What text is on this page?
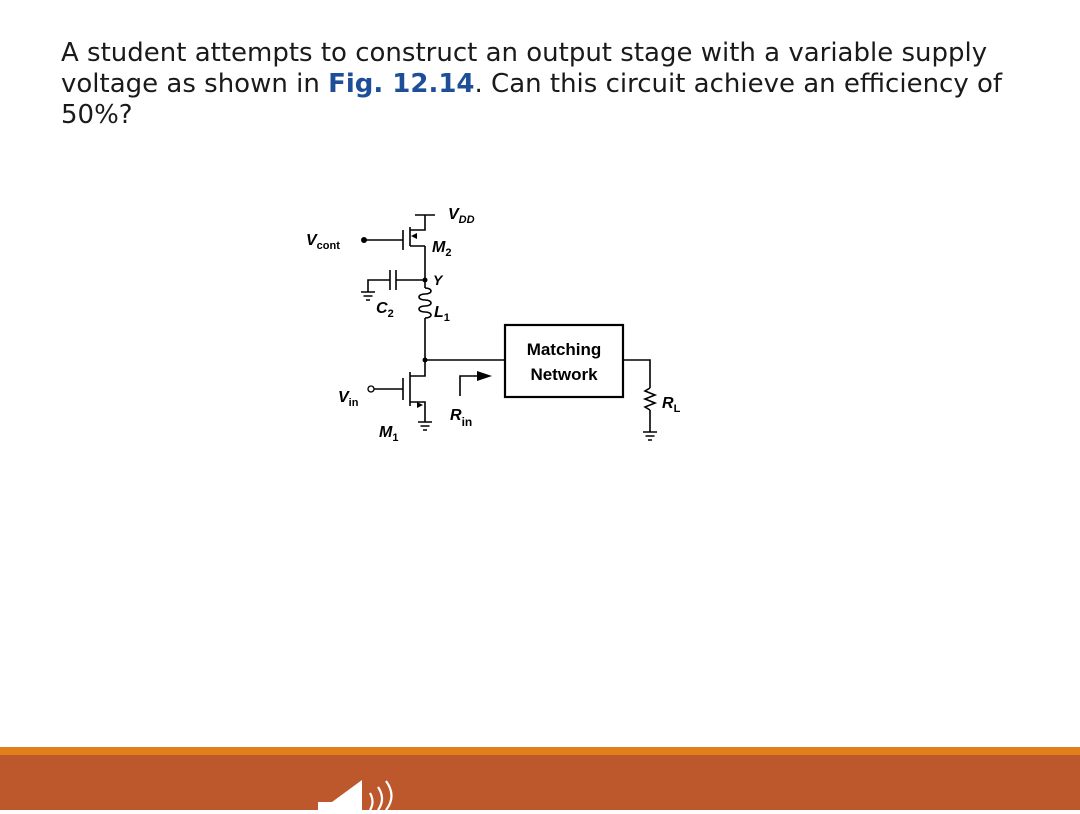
A student attempts to construct an output stage with a variable supply voltage as shown in Fig. 12.14. Can this circuit achieve an efficiency of 50%?

$V_{DD}$
$V_{cont}$	$M_2$
Y
$C_2$	$L_1$
$V_{in}$
$M_1$
$R_{in}$
Matching
Network
$R_L$
